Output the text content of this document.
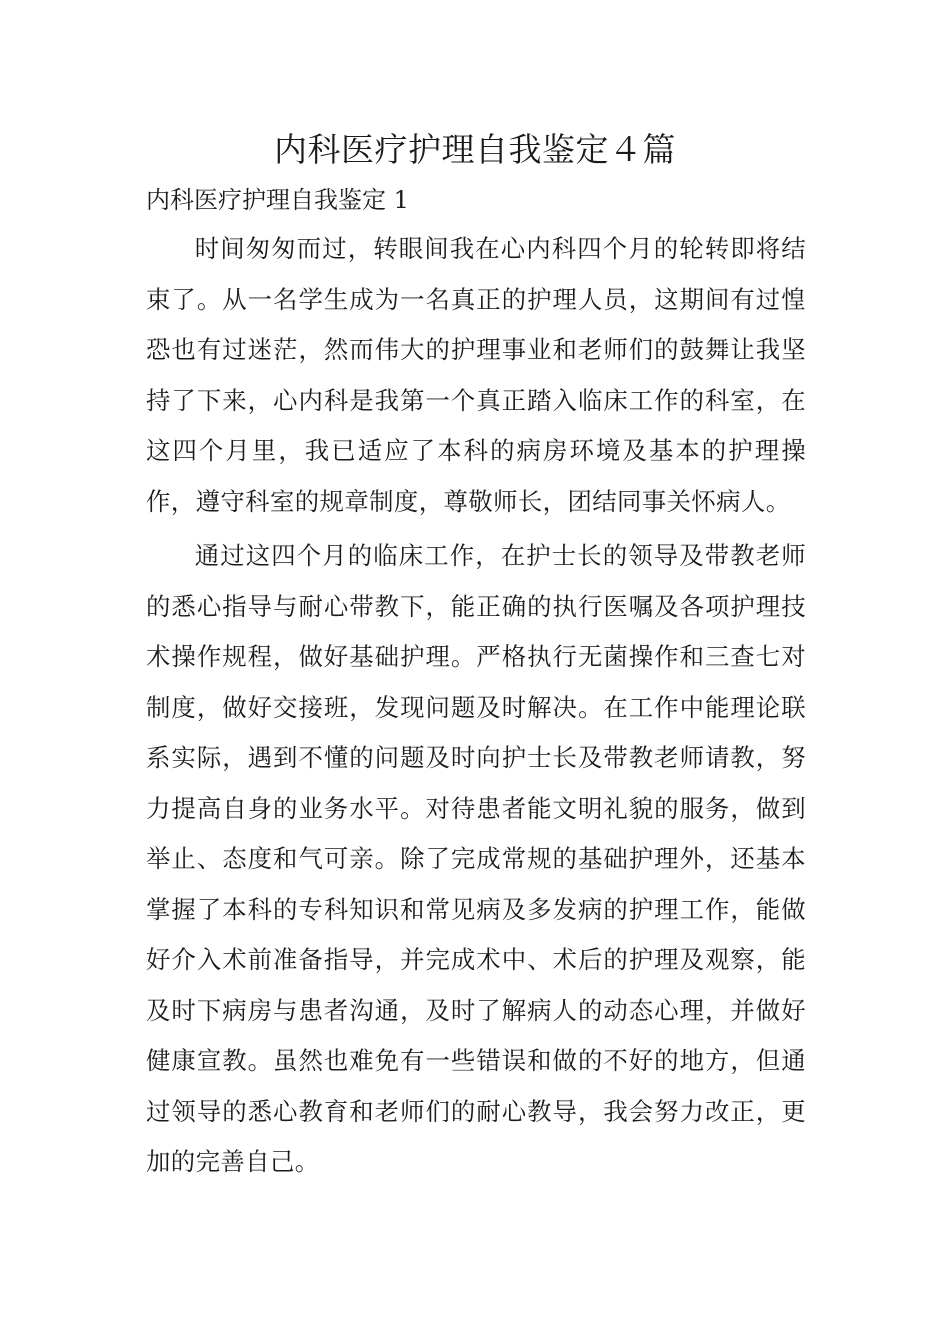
内科医疗护理自我鉴定４篇

内科医疗护理自我鉴定 1

时间匆匆而过，转眼间我在心内科四个月的轮转即将结束了。从一名学生成为一名真正的护理人员，这期间有过惶恐也有过迷茫，然而伟大的护理事业和老师们的鼓舞让我坚持了下来，心内科是我第一个真正踏入临床工作的科室，在这四个月里，我已适应了本科的病房环境及基本的护理操作，遵守科室的规章制度，尊敬师长，团结同事关怀病人。

通过这四个月的临床工作，在护士长的领导及带教老师的悉心指导与耐心带教下，能正确的执行医嘱及各项护理技术操作规程，做好基础护理。严格执行无菌操作和三查七对制度，做好交接班，发现问题及时解决。在工作中能理论联系实际，遇到不懂的问题及时向护士长及带教老师请教，努力提高自身的业务水平。对待患者能文明礼貌的服务，做到举止、态度和气可亲。除了完成常规的基础护理外，还基本掌握了本科的专科知识和常见病及多发病的护理工作，能做好介入术前准备指导，并完成术中、术后的护理及观察，能及时下病房与患者沟通，及时了解病人的动态心理，并做好健康宣教。虽然也难免有一些错误和做的不好的地方，但通过领导的悉心教育和老师们的耐心教导，我会努力改正，更加的完善自己。
